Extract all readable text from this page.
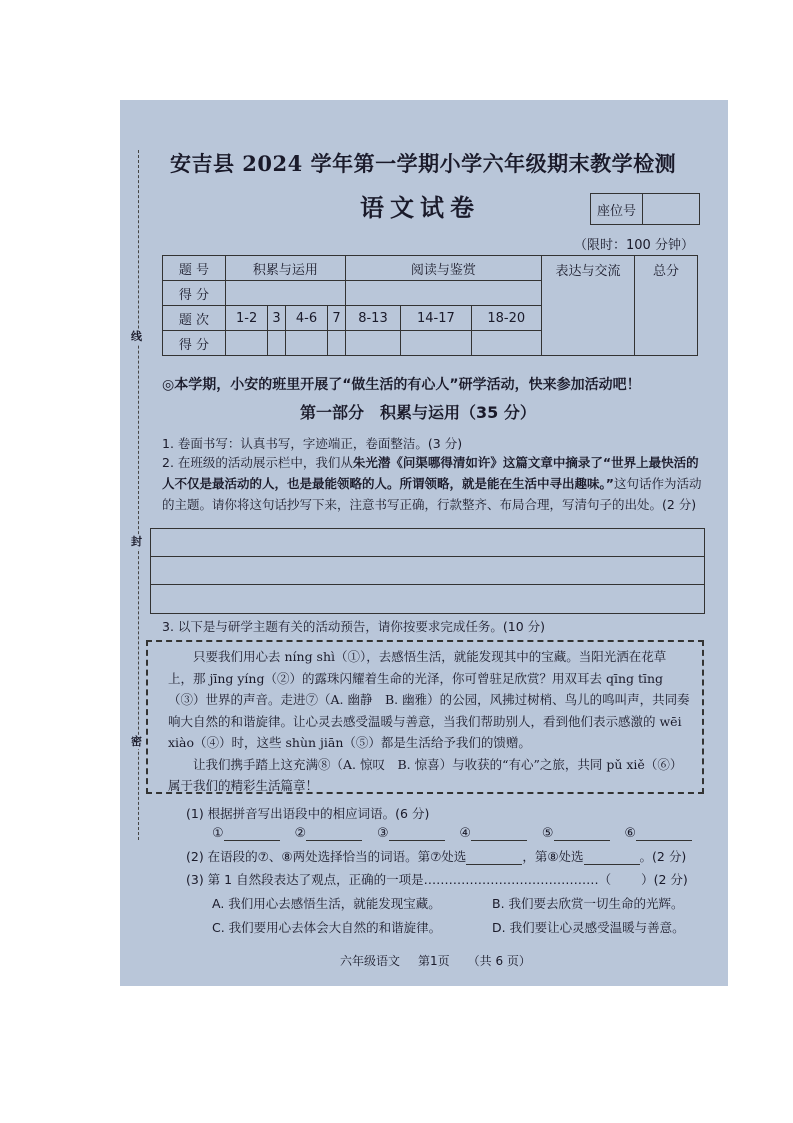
线
封
密
安吉县 2024 学年第一学期小学六年级期末教学检测
语文试卷	座位号
（限时：100 分钟）
题 号	积累与运用				阅读与鉴赏			表达与交流	总分
得 分									
题 次	1-2	3	4-6	7	8-13	14-17	18-20		
得 分									
◎本学期，小安的班里开展了“做生活的有心人”研学活动，快来参加活动吧！
第一部分　积累与运用（35 分）
1. 卷面书写：认真书写，字迹端正，卷面整洁。(3 分)
2. 在班级的活动展示栏中，我们从朱光潜《问渠哪得清如许》这篇文章中摘录了“世界上最快活的人不仅是最活动的人，也是最能领略的人。所谓领略，就是能在生活中寻出趣味。”这句话作为活动的主题。请你将这句话抄写下来，注意书写正确，行款整齐、布局合理，写清句子的出处。(2 分)
3. 以下是与研学主题有关的活动预告，请你按要求完成任务。(10 分)

只要我们用心去 níng shì（①），去感悟生活，就能发现其中的宝藏。当阳光洒在花草上，那 jīng yíng（②）的露珠闪耀着生命的光泽，你可曾驻足欣赏？用双耳去 qīng tīng（③）世界的声音。走进⑦（A. 幽静　B. 幽雅）的公园，风拂过树梢、鸟儿的鸣叫声，共同奏响大自然的和谐旋律。让心灵去感受温暖与善意，当我们帮助别人，看到他们表示感激的 wēi xiào（④）时，这些 shùn jiān（⑤）都是生活给予我们的馈赠。

让我们携手踏上这充满⑧（A. 惊叹　B. 惊喜）与收获的“有心”之旅，共同 pǔ xiě（⑥）属于我们的精彩生活篇章！

(1) 根据拼音写出语段中的相应词语。(6 分)
①	②	③	④	⑤	⑥
(2) 在语段的⑦、⑧两处选择恰当的词语。第⑦处选	，第⑧处选	。(2 分)
(3) 第 1 自然段表达了观点，正确的一项是……………………………………（ ）(2 分)
A. 我们用心去感悟生活，就能发现宝藏。	B. 我们要去欣赏一切生命的光辉。
C. 我们要用心去体会大自然的和谐旋律。	D. 我们要让心灵感受温暖与善意。
六年级语文 第1页 （共 6 页）
